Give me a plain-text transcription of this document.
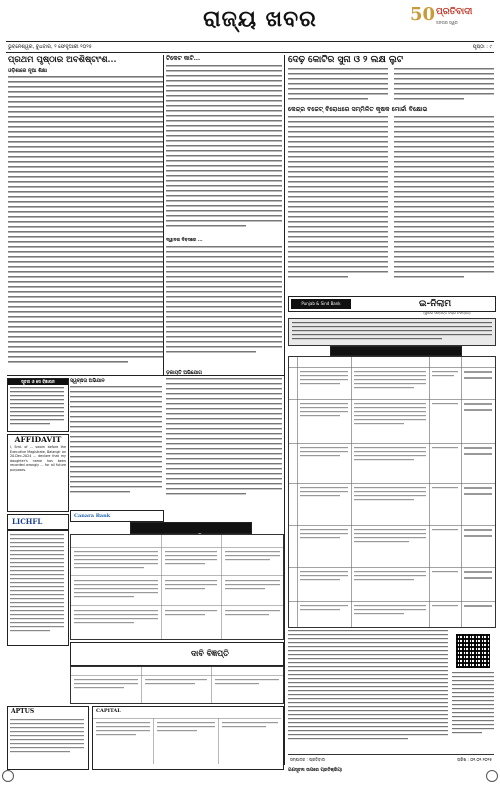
ରାଜ୍ୟ ଖବର	50 ପ୍ରତିବାଦୀ
ଜନତାର ସ୍ୱର
ଭୁବନେଶ୍ୱର, ବୁଧବାର, ୨ ଫେବୃଆରୀ ୨୦୨୫	ପୃଷ୍ଠା : ୯
ପ୍ରଥମ ପୃଷ୍ଠାର ଅବଶିଷ୍ଟାଂଶ...
ଓଡ଼ିଶାରେ ନୂଆ ଶିକ୍ଷା
ଟିକେଟ କାଟି...
ଦ୍ୱାଦଶ ଦିବସରେ ...
ଦେଢ଼ କୋଟିର ସୁନା ଓ ୨ ଲକ୍ଷ ଲୁଟ
କେନ୍ଦ୍ର ବଜେଟ୍ ବିରୋଧରେ ସମ୍ମିଳିତ କୃଷକ ମୋର୍ଚ୍ଚା ବିକ୍ଷୋଭ
ସୂଚନା ଓ ସେ ବିଜ୍ଞାପନ
AFFIDAVIT
I, Smt. of ... sworn before the Executive Magistrate, Balangir on 20-Dec-2024 ... declare that my daughter's name has been recorded wrongly ... for all future purposes.
LICHFL
ସ୍ୱଚ୍ଛତା ଅଭିଯାନ
Canara Bank
ସୂଚନା ନୋଟିସ୍
ଡ଼କାୟତି ଅଭିଯୋଗ
ଦାବି ବିଜ୍ଞପ୍ତି
APTUS	CAPITAL
Punjab & Sind Bank	ଇ-ନିଲାମ
(ସ୍ଥାବର ସମ୍ପତ୍ତି ବିକ୍ରି ନିମନ୍ତେ)
ସ୍ଥାବର ସମ୍ପତ୍ତିର ବିବରଣୀ
ସମ୍ପାଦକ : ପ୍ରତିବାଦୀ	ତାରିଖ : ୦୧.୦୨.୨୦୨୫
ଗଣସୂଚନା ଉପରେ ପ୍ରତିକ୍ରିୟା
